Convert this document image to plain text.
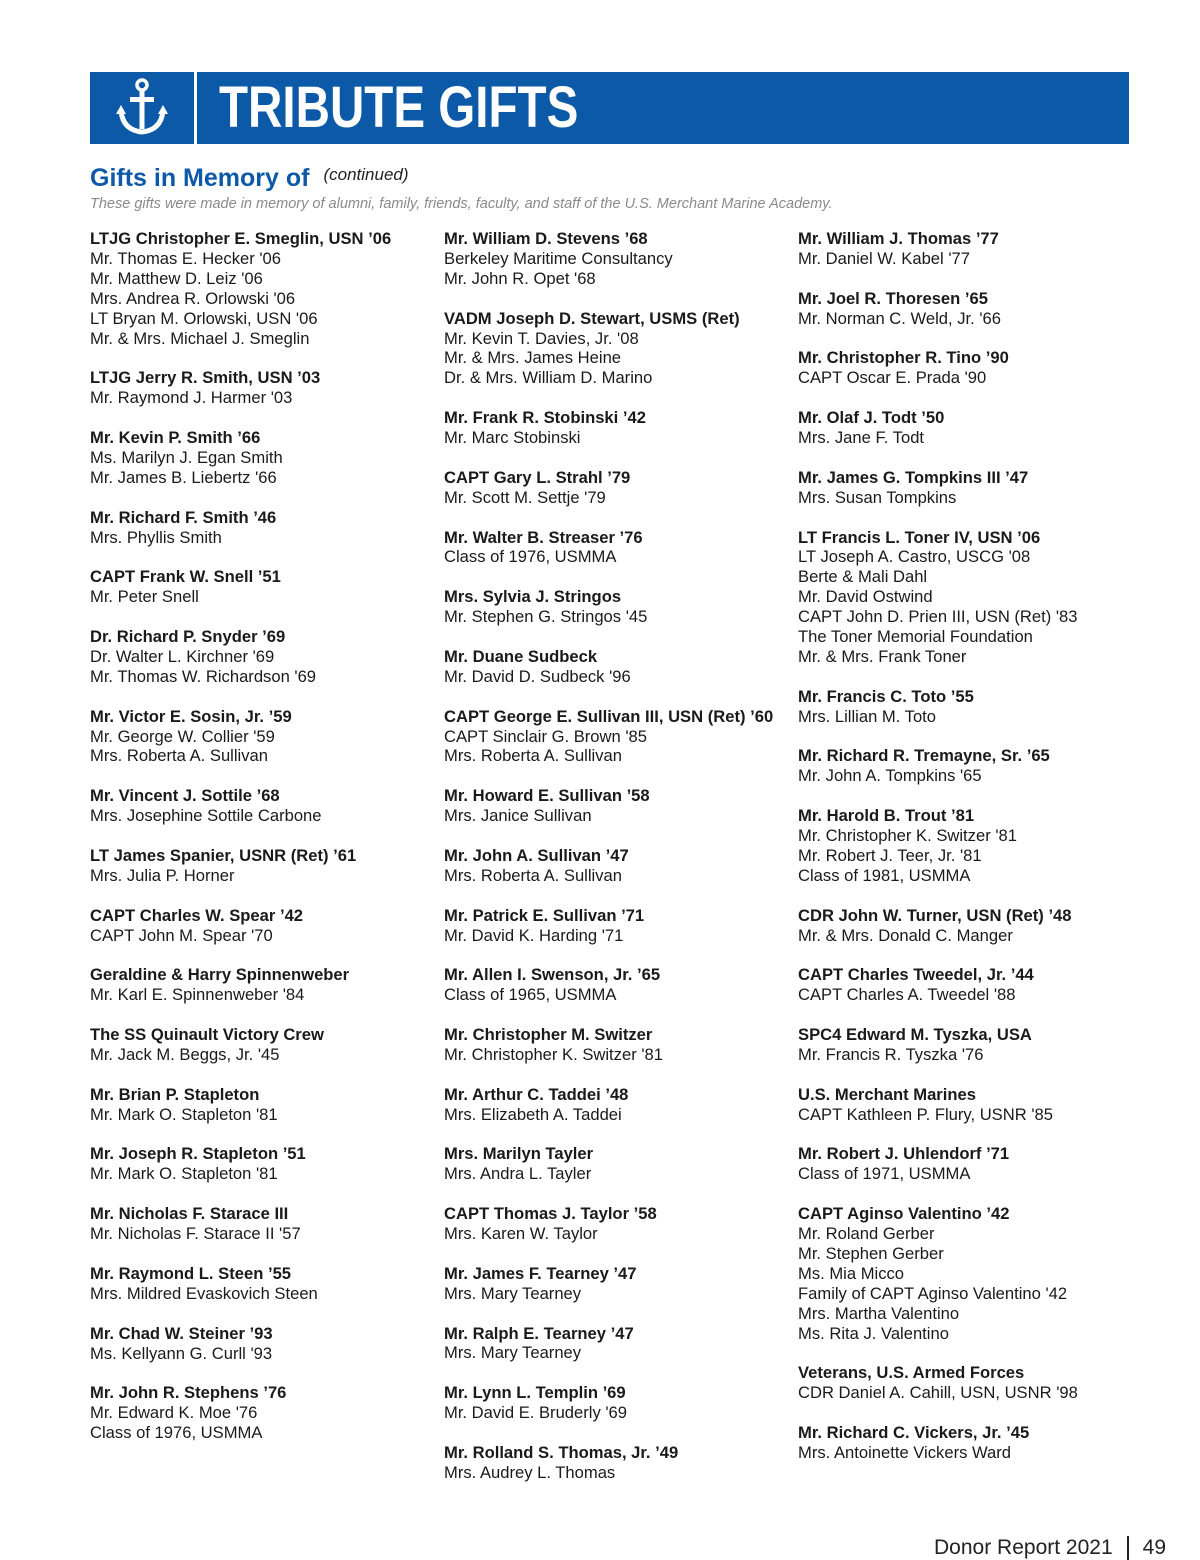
TRIBUTE GIFTS
Gifts in Memory of (continued)
These gifts were made in memory of alumni, family, friends, faculty, and staff of the U.S. Merchant Marine Academy.
LTJG Christopher E. Smeglin, USN ’06
Mr. Thomas E. Hecker '06
Mr. Matthew D. Leiz '06
Mrs. Andrea R. Orlowski '06
LT Bryan M. Orlowski, USN '06
Mr. & Mrs. Michael J. Smeglin
LTJG Jerry R. Smith, USN ’03
Mr. Raymond J. Harmer '03
Mr. Kevin P. Smith ’66
Ms. Marilyn J. Egan Smith
Mr. James B. Liebertz '66
Mr. Richard F. Smith ’46
Mrs. Phyllis Smith
CAPT Frank W. Snell ’51
Mr. Peter Snell
Dr. Richard P. Snyder ’69
Dr. Walter L. Kirchner '69
Mr. Thomas W. Richardson '69
Mr. Victor E. Sosin, Jr. ’59
Mr. George W. Collier '59
Mrs. Roberta A. Sullivan
Mr. Vincent J. Sottile ’68
Mrs. Josephine Sottile Carbone
LT James Spanier, USNR (Ret) ’61
Mrs. Julia P. Horner
CAPT Charles W. Spear ’42
CAPT John M. Spear '70
Geraldine & Harry Spinnenweber
Mr. Karl E. Spinnenweber '84
The SS Quinault Victory Crew
Mr. Jack M. Beggs, Jr. '45
Mr. Brian P. Stapleton
Mr. Mark O. Stapleton '81
Mr. Joseph R. Stapleton ’51
Mr. Mark O. Stapleton '81
Mr. Nicholas F. Starace III
Mr. Nicholas F. Starace II '57
Mr. Raymond L. Steen ’55
Mrs. Mildred Evaskovich Steen
Mr. Chad W. Steiner ’93
Ms. Kellyann G. Curll '93
Mr. John R. Stephens ’76
Mr. Edward K. Moe '76
Class of 1976, USMMA
Mr. William D. Stevens ’68
Berkeley Maritime Consultancy
Mr. John R. Opet '68
VADM Joseph D. Stewart, USMS (Ret)
Mr. Kevin T. Davies, Jr. '08
Mr. & Mrs. James Heine
Dr. & Mrs. William D. Marino
Mr. Frank R. Stobinski ’42
Mr. Marc Stobinski
CAPT Gary L. Strahl ’79
Mr. Scott M. Settje '79
Mr. Walter B. Streaser ’76
Class of 1976, USMMA
Mrs. Sylvia J. Stringos
Mr. Stephen G. Stringos '45
Mr. Duane Sudbeck
Mr. David D. Sudbeck '96
CAPT George E. Sullivan III, USN (Ret) ’60
CAPT Sinclair G. Brown '85
Mrs. Roberta A. Sullivan
Mr. Howard E. Sullivan ’58
Mrs. Janice Sullivan
Mr. John A. Sullivan ’47
Mrs. Roberta A. Sullivan
Mr. Patrick E. Sullivan ’71
Mr. David K. Harding '71
Mr. Allen I. Swenson, Jr. ’65
Class of 1965, USMMA
Mr. Christopher M. Switzer
Mr. Christopher K. Switzer '81
Mr. Arthur C. Taddei ’48
Mrs. Elizabeth A. Taddei
Mrs. Marilyn Tayler
Mrs. Andra L. Tayler
CAPT Thomas J. Taylor ’58
Mrs. Karen W. Taylor
Mr. James F. Tearney ’47
Mrs. Mary Tearney
Mr. Ralph E. Tearney ’47
Mrs. Mary Tearney
Mr. Lynn L. Templin ’69
Mr. David E. Bruderly '69
Mr. Rolland S. Thomas, Jr. ’49
Mrs. Audrey L. Thomas
Mr. William J. Thomas ’77
Mr. Daniel W. Kabel '77
Mr. Joel R. Thoresen ’65
Mr. Norman C. Weld, Jr. '66
Mr. Christopher R. Tino ’90
CAPT Oscar E. Prada '90
Mr. Olaf J. Todt ’50
Mrs. Jane F. Todt
Mr. James G. Tompkins III ’47
Mrs. Susan Tompkins
LT Francis L. Toner IV, USN ’06
LT Joseph A. Castro, USCG '08
Berte & Mali Dahl
Mr. David Ostwind
CAPT John D. Prien III, USN (Ret) '83
The Toner Memorial Foundation
Mr. & Mrs. Frank Toner
Mr. Francis C. Toto ’55
Mrs. Lillian M. Toto
Mr. Richard R. Tremayne, Sr. ’65
Mr. John A. Tompkins '65
Mr. Harold B. Trout ’81
Mr. Christopher K. Switzer '81
Mr. Robert J. Teer, Jr. '81
Class of 1981, USMMA
CDR John W. Turner, USN (Ret) ’48
Mr. & Mrs. Donald C. Manger
CAPT Charles Tweedel, Jr. ’44
CAPT Charles A. Tweedel '88
SPC4 Edward M. Tyszka, USA
Mr. Francis R. Tyszka '76
U.S. Merchant Marines
CAPT Kathleen P. Flury, USNR '85
Mr. Robert J. Uhlendorf ’71
Class of 1971, USMMA
CAPT Aginso Valentino ’42
Mr. Roland Gerber
Mr. Stephen Gerber
Ms. Mia Micco
Family of CAPT Aginso Valentino '42
Mrs. Martha Valentino
Ms. Rita J. Valentino
Veterans, U.S. Armed Forces
CDR Daniel A. Cahill, USN, USNR '98
Mr. Richard C. Vickers, Jr. ’45
Mrs. Antoinette Vickers Ward
Donor Report 2021 49
